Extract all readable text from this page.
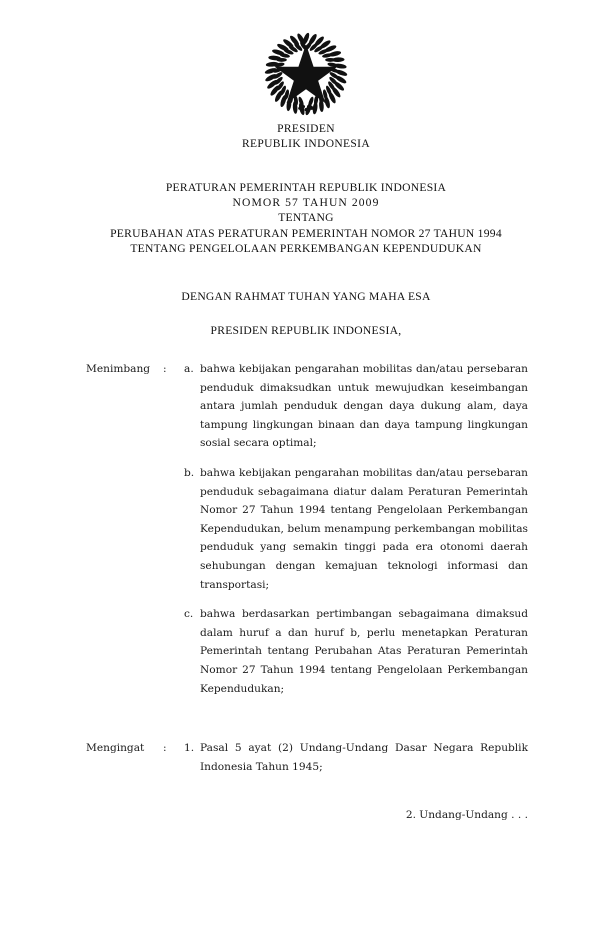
PRESIDEN
REPUBLIK INDONESIA
PERATURAN PEMERINTAH REPUBLIK INDONESIA
NOMOR 57 TAHUN 2009
TENTANG
PERUBAHAN ATAS PERATURAN PEMERINTAH NOMOR 27 TAHUN 1994
TENTANG PENGELOLAAN PERKEMBANGAN KEPENDUDUKAN
DENGAN RAHMAT TUHAN YANG MAHA ESA
PRESIDEN REPUBLIK INDONESIA,
Menimbang	:	a. bahwa kebijakan pengarahan mobilitas dan/atau persebaran penduduk dimaksudkan untuk mewujudkan keseimbangan antara jumlah penduduk dengan daya dukung alam, daya tampung lingkungan binaan dan daya tampung lingkungan sosial secara optimal;
b. bahwa kebijakan pengarahan mobilitas dan/atau persebaran penduduk sebagaimana diatur dalam Peraturan Pemerintah Nomor 27 Tahun 1994 tentang Pengelolaan Perkembangan Kependudukan, belum menampung perkembangan mobilitas penduduk yang semakin tinggi pada era otonomi daerah sehubungan dengan kemajuan teknologi informasi dan transportasi;
c. bahwa berdasarkan pertimbangan sebagaimana dimaksud dalam huruf a dan huruf b, perlu menetapkan Peraturan Pemerintah tentang Perubahan Atas Peraturan Pemerintah Nomor 27 Tahun 1994 tentang Pengelolaan Perkembangan Kependudukan;
Mengingat	:	1. Pasal 5 ayat (2) Undang-Undang Dasar Negara Republik Indonesia Tahun 1945;
2. Undang-Undang . . .
